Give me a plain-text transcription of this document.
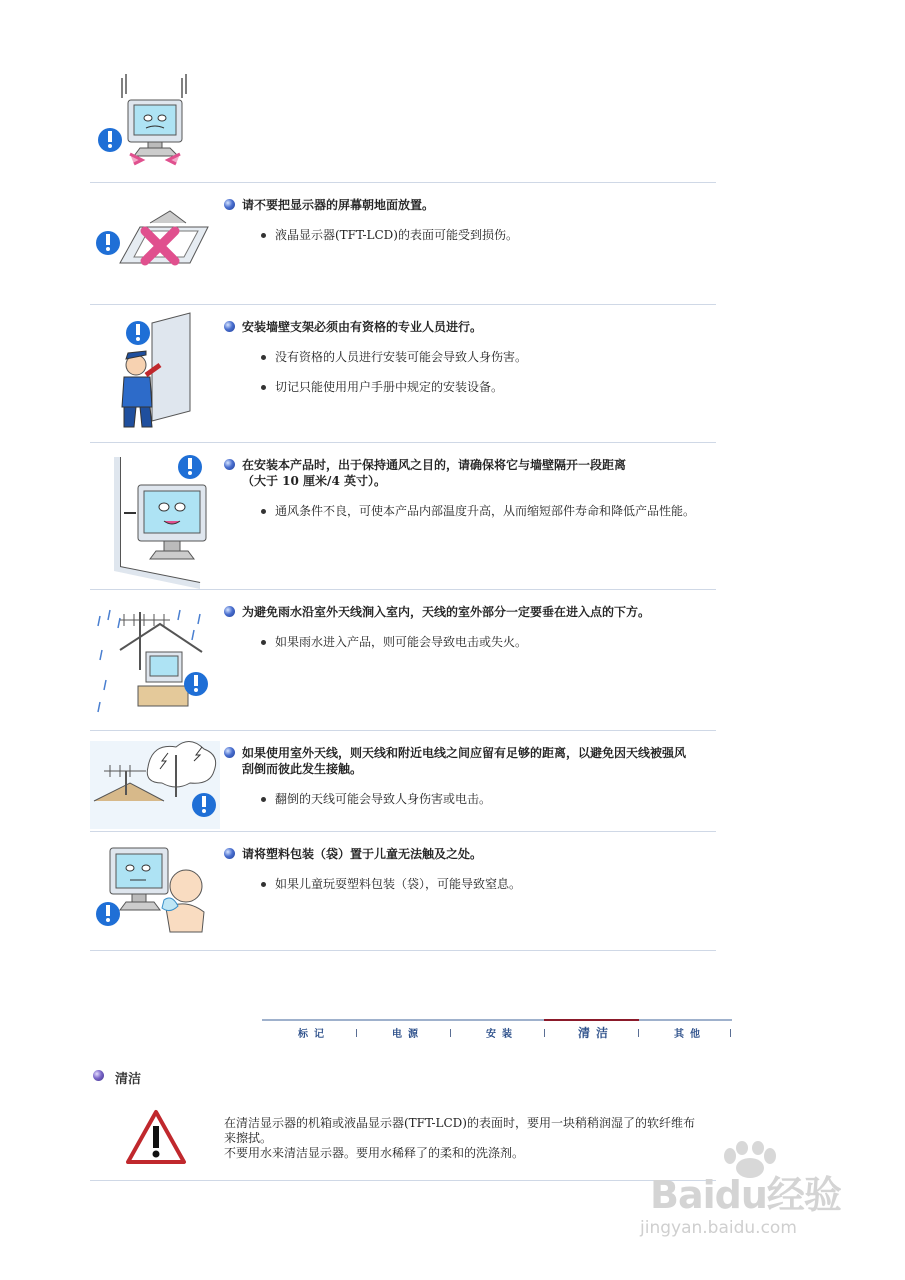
请不要把显示器的屏幕朝地面放置。
液晶显示器(TFT-LCD)的表面可能受到损伤。
安装墙壁支架必须由有资格的专业人员进行。
没有资格的人员进行安装可能会导致人身伤害。
切记只能使用用户手册中规定的安装设备。
在安装本产品时，出于保持通风之目的，请确保将它与墙壁隔开一段距离
（大于 10 厘米/4 英寸）。
通风条件不良，可使本产品内部温度升高，从而缩短部件寿命和降低产品性能。
为避免雨水沿室外天线涧入室内，天线的室外部分一定要垂在进入点的下方。
如果雨水进入产品，则可能会导致电击或失火。
如果使用室外天线，则天线和附近电线之间应留有足够的距离，以避免因天线被强风
刮倒而彼此发生接触。
翻倒的天线可能会导致人身伤害或电击。
请将塑料包装（袋）置于儿童无法触及之处。
如果儿童玩耍塑料包装（袋），可能导致窒息。
标记	电源	安装	清洁	其他
清洁
在清洁显示器的机箱或液晶显示器(TFT-LCD)的表面时，要用一块稍稍润湿了的软纤维布
来擦拭。
不要用水来清洁显示器。要用水稀释了的柔和的洗涤剂。
Baidu经验
jingyan.baidu.com
